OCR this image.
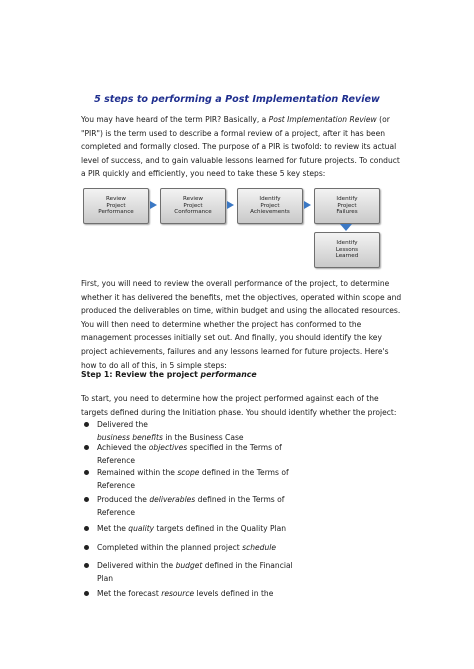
5 steps to performing a Post Implementation Review

You may have heard of the term PIR? Basically, a Post Implementation Review (or
"PIR") is the term used to describe a formal review of a project, after it has been
completed and formally closed. The purpose of a PIR is twofold: to review its actual
level of success, and to gain valuable lessons learned for future projects. To conduct
a PIR quickly and efficiently, you need to take these 5 key steps:

Review
Project
Performance
Review
Project
Conformance
Identify
Project
Achievements
Identify
Project
Failures
Identify
Lessons
Learned

First, you will need to review the overall performance of the project, to determine
whether it has delivered the benefits, met the objectives, operated within scope and
produced the deliverables on time, within budget and using the allocated resources.
You will then need to determine whether the project has conformed to the
management processes initially set out. And finally, you should identify the key
project achievements, failures and any lessons learned for future projects. Here's
how to do all of this, in 5 simple steps:

Step 1: Review the project performance

To start, you need to determine how the project performed against each of the
targets defined during the Initiation phase. You should identify whether the project:

Delivered the
business benefits in the Business Case
Achieved the objectives specified in the Terms of
Reference
Remained within the scope defined in the Terms of
Reference
Produced the deliverables defined in the Terms of
Reference
Met the quality targets defined in the Quality Plan
Completed within the planned project schedule
Delivered within the budget defined in the Financial
Plan
Met the forecast resource levels defined in the
